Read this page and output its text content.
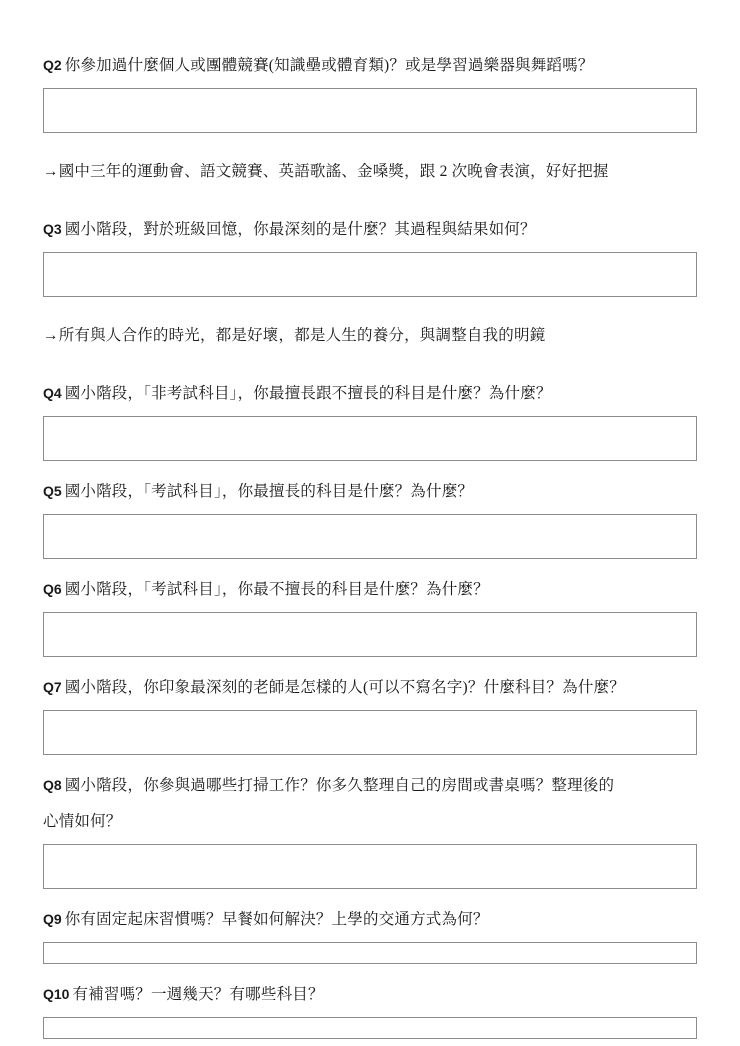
Q2 你參加過什麼個人或團體競賽(知識壘或體育類)？或是學習過樂器與舞蹈嗎？

→國中三年的運動會、語文競賽、英語歌謠、金嗓獎，跟 2 次晚會表演，好好把握

Q3 國小階段，對於班級回憶，你最深刻的是什麼？其過程與結果如何？

→所有與人合作的時光，都是好壞，都是人生的養分，與調整自我的明鏡

Q4 國小階段，「非考試科目」，你最擅長跟不擅長的科目是什麼？為什麼？

Q5 國小階段，「考試科目」，你最擅長的科目是什麼？為什麼？

Q6 國小階段，「考試科目」，你最不擅長的科目是什麼？為什麼？

Q7 國小階段，你印象最深刻的老師是怎樣的人(可以不寫名字)？什麼科目？為什麼？

Q8 國小階段，你參與過哪些打掃工作？你多久整理自己的房間或書桌嗎？整理後的

心情如何？

Q9 你有固定起床習慣嗎？早餐如何解決？上學的交通方式為何？

Q10 有補習嗎？一週幾天？有哪些科目？
